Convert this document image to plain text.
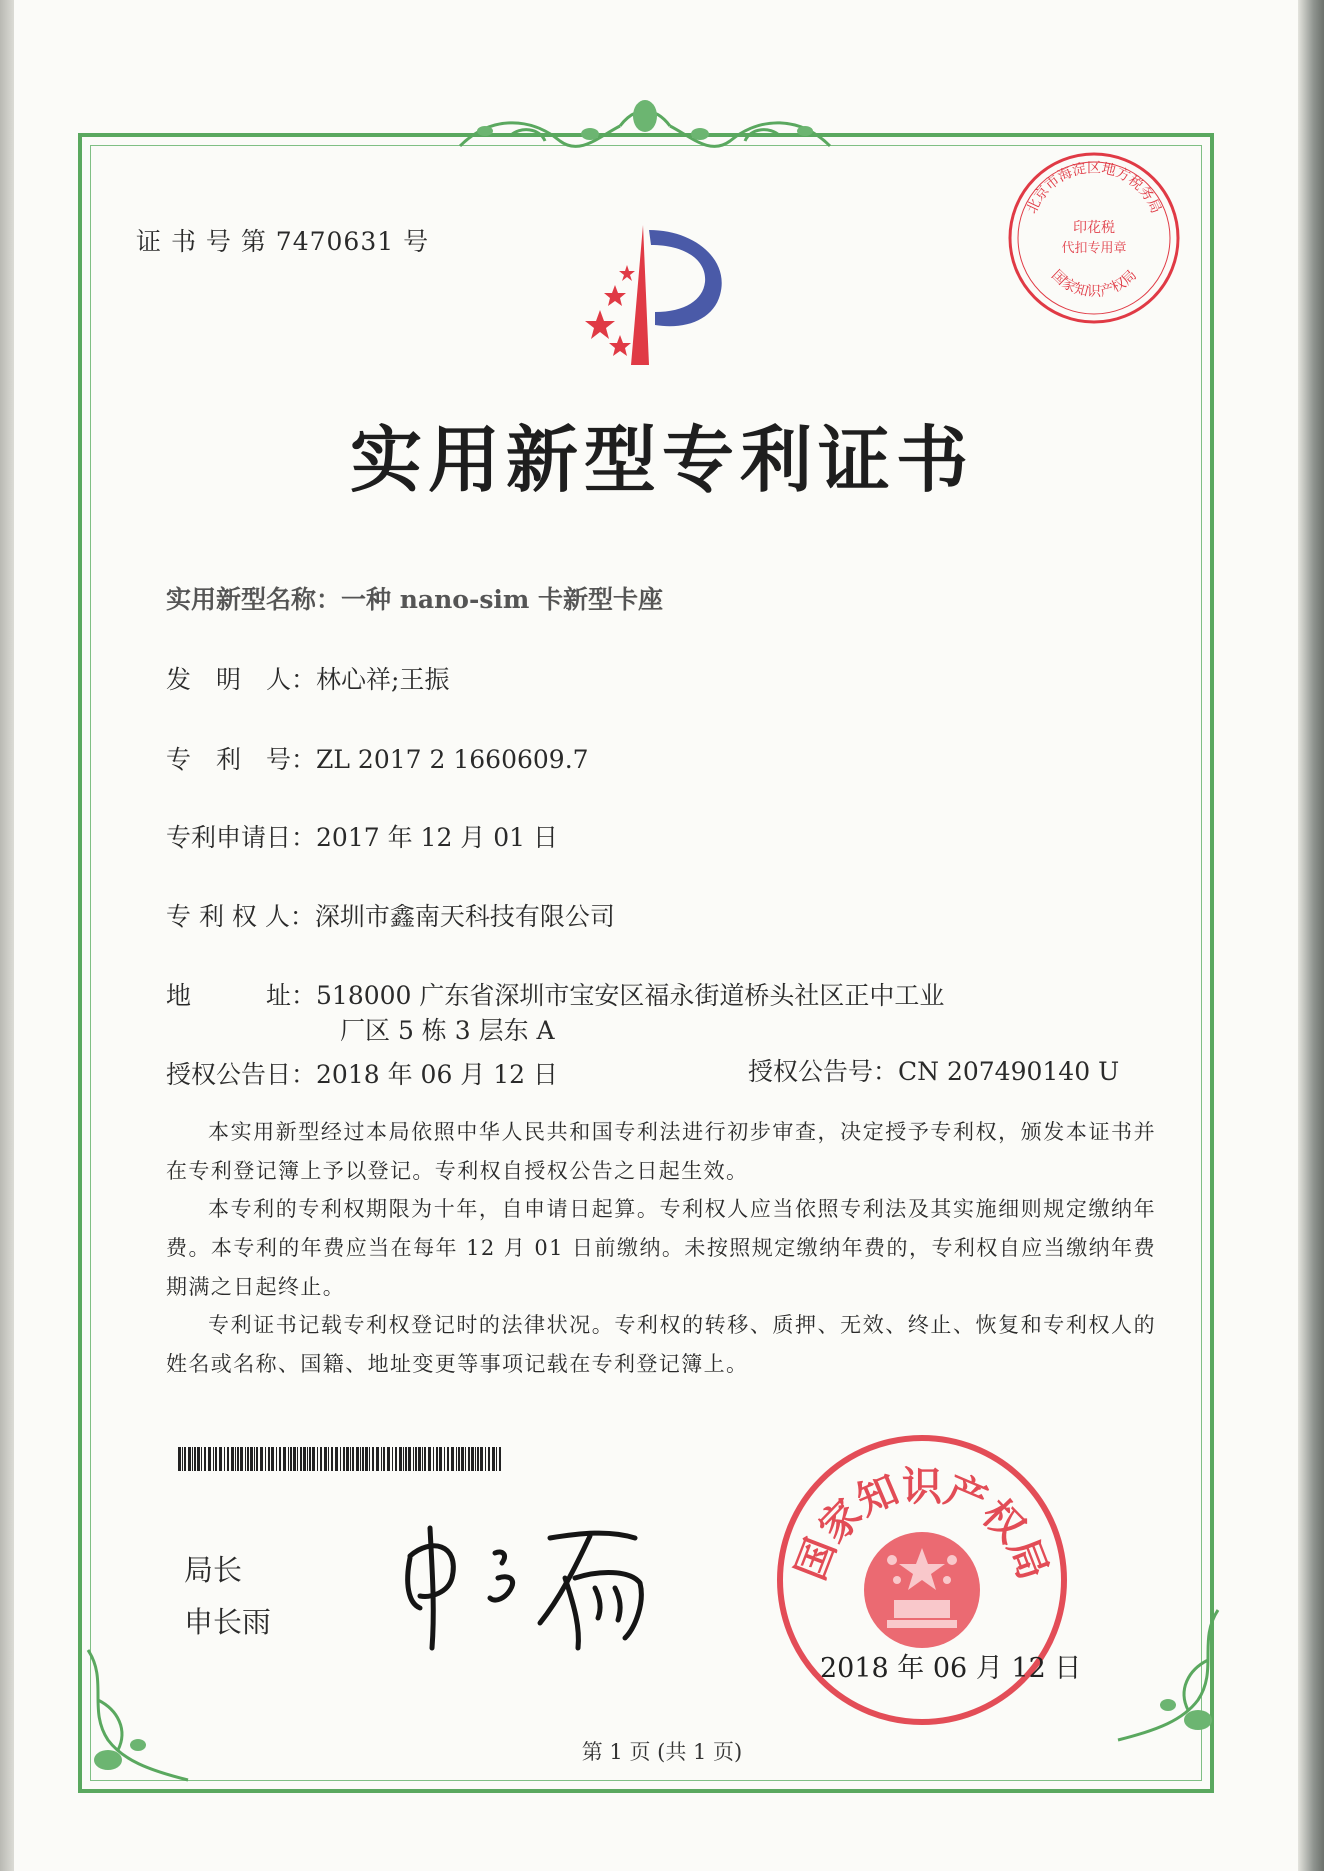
证 书 号 第 7470631 号
实用新型专利证书
实用新型名称：一种 nano-sim 卡新型卡座
发　明　人：林心祥;王振
专　利　号：ZL 2017 2 1660609.7
专利申请日：2017 年 12 月 01 日
专 利 权 人：深圳市鑫南天科技有限公司
地　　　址：518000 广东省深圳市宝安区福永街道桥头社区正中工业
厂区 5 栋 3 层东 A
授权公告日：2018 年 06 月 12 日	授权公告号：CN 207490140 U
本实用新型经过本局依照中华人民共和国专利法进行初步审查，决定授予专利权，颁发本证书并在专利登记簿上予以登记。专利权自授权公告之日起生效。
本专利的专利权期限为十年，自申请日起算。专利权人应当依照专利法及其实施细则规定缴纳年费。本专利的年费应当在每年 12 月 01 日前缴纳。未按照规定缴纳年费的，专利权自应当缴纳年费期满之日起终止。
专利证书记载专利权登记时的法律状况。专利权的转移、质押、无效、终止、恢复和专利权人的姓名或名称、国籍、地址变更等事项记载在专利登记簿上。
局长
申长雨
国家知识产权局
2018 年 06 月 12 日
北京市海淀区地方税务局
国家知识产权局
印花税
代扣专用章
第 1 页 (共 1 页)
